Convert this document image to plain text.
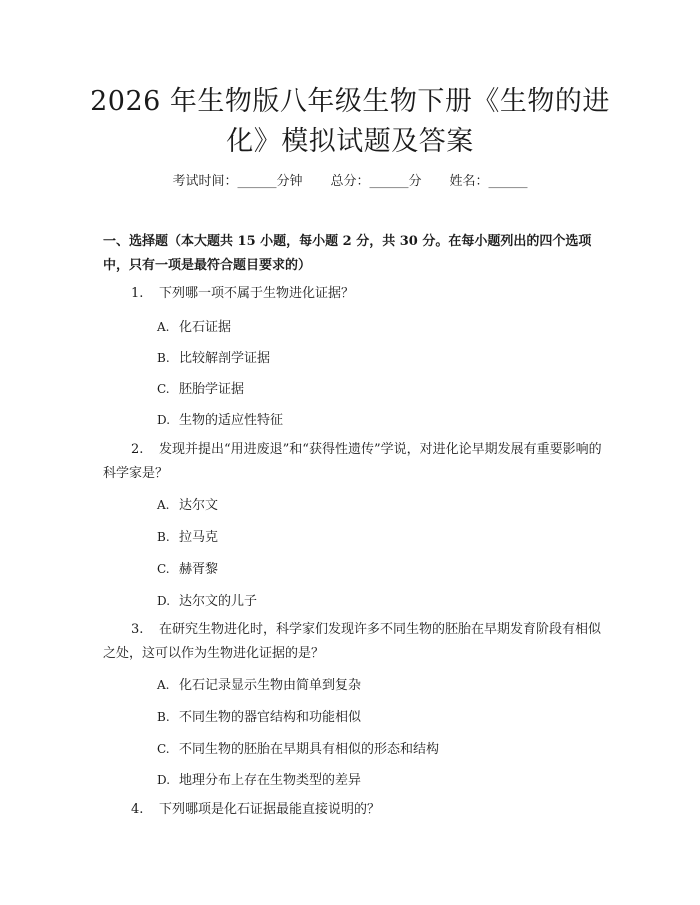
2026 年生物版八年级生物下册《生物的进
化》模拟试题及答案
考试时间：______分钟 总分：______分 姓名：______

一、选择题（本大题共 15 小题，每小题 2 分，共 30 分。在每小题列出的四个选项中，只有一项是最符合题目要求的）

1.	下列哪一项不属于生物进化证据？
A. 化石证据
B. 比较解剖学证据
C. 胚胎学证据
D. 生物的适应性特征
2.	发现并提出“用进废退”和“获得性遗传”学说，对进化论早期发展有重要影响的科学家是？
A. 达尔文
B. 拉马克
C. 赫胥黎
D. 达尔文的儿子
3.	在研究生物进化时，科学家们发现许多不同生物的胚胎在早期发育阶段有相似之处，这可以作为生物进化证据的是？
A. 化石记录显示生物由简单到复杂
B. 不同生物的器官结构和功能相似
C. 不同生物的胚胎在早期具有相似的形态和结构
D. 地理分布上存在生物类型的差异
4.	下列哪项是化石证据最能直接说明的？
